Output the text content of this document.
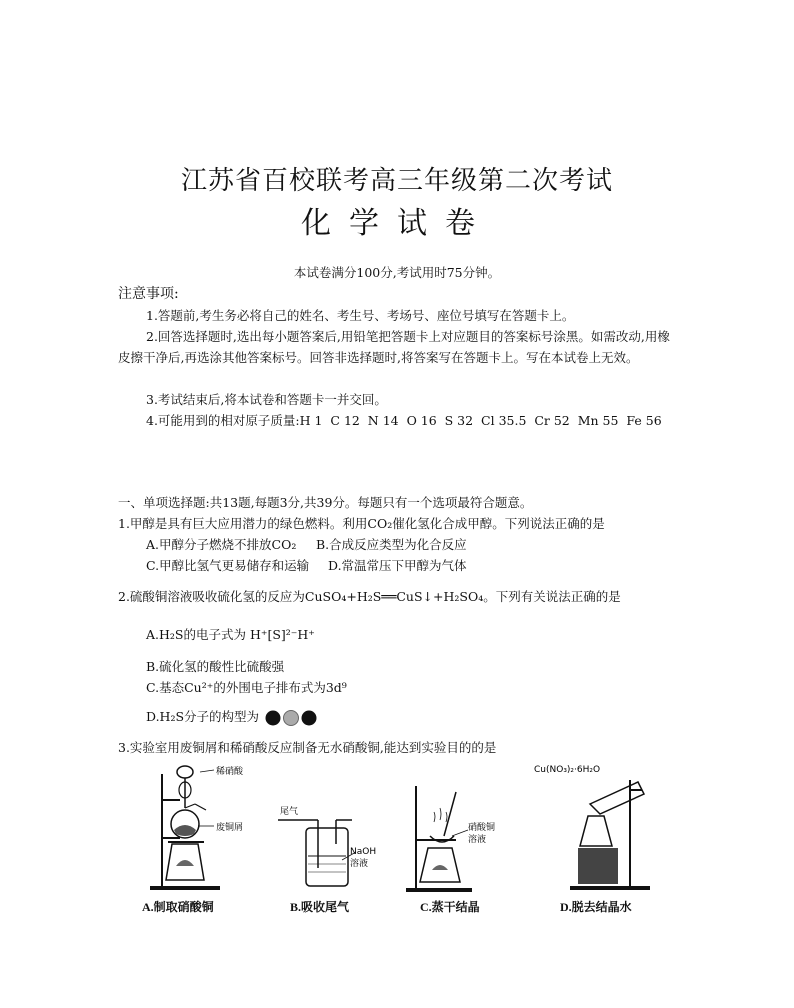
江苏省百校联考高三年级第二次考试
化学试卷
本试卷满分100分,考试用时75分钟。
注意事项:
1.答题前,考生务必将自己的姓名、考生号、考场号、座位号填写在答题卡上。
2.回答选择题时,选出每小题答案后,用铅笔把答题卡上对应题目的答案标号涂黑。如需改动,用橡皮擦干净后,再选涂其他答案标号。回答非选择题时,将答案写在答题卡上。写在本试卷上无效。
3.考试结束后,将本试卷和答题卡一并交回。
4.可能用到的相对原子质量:H 1  C 12  N 14  O 16  S 32  Cl 35.5  Cr 52  Mn 55  Fe 56
一、单项选择题:共13题,每题3分,共39分。每题只有一个选项最符合题意。
1.甲醇是具有巨大应用潜力的绿色燃料。利用CO₂催化氢化合成甲醇。下列说法正确的是
A.甲醇分子燃烧不排放CO₂ B.合成反应类型为化合反应
C.甲醇比氢气更易储存和运输 D.常温常压下甲醇为气体
2.硫酸铜溶液吸收硫化氢的反应为CuSO₄+H₂S══CuS↓+H₂SO₄。下列有关说法正确的是
A.H₂S的电子式为 H⁺[S]²⁻H⁺
B.硫化氢的酸性比硫酸强
C.基态Cu²⁺的外围电子排布式为3d⁹
D.H₂S分子的构型为
3.实验室用废铜屑和稀硝酸反应制备无水硝酸铜,能达到实验目的的是
稀硝酸
废铜屑
A.制取硝酸铜
尾气
NaOH
溶液
B.吸收尾气
硝酸铜
溶液
C.蒸干结晶
Cu(NO₃)₂·6H₂O
D.脱去结晶水
